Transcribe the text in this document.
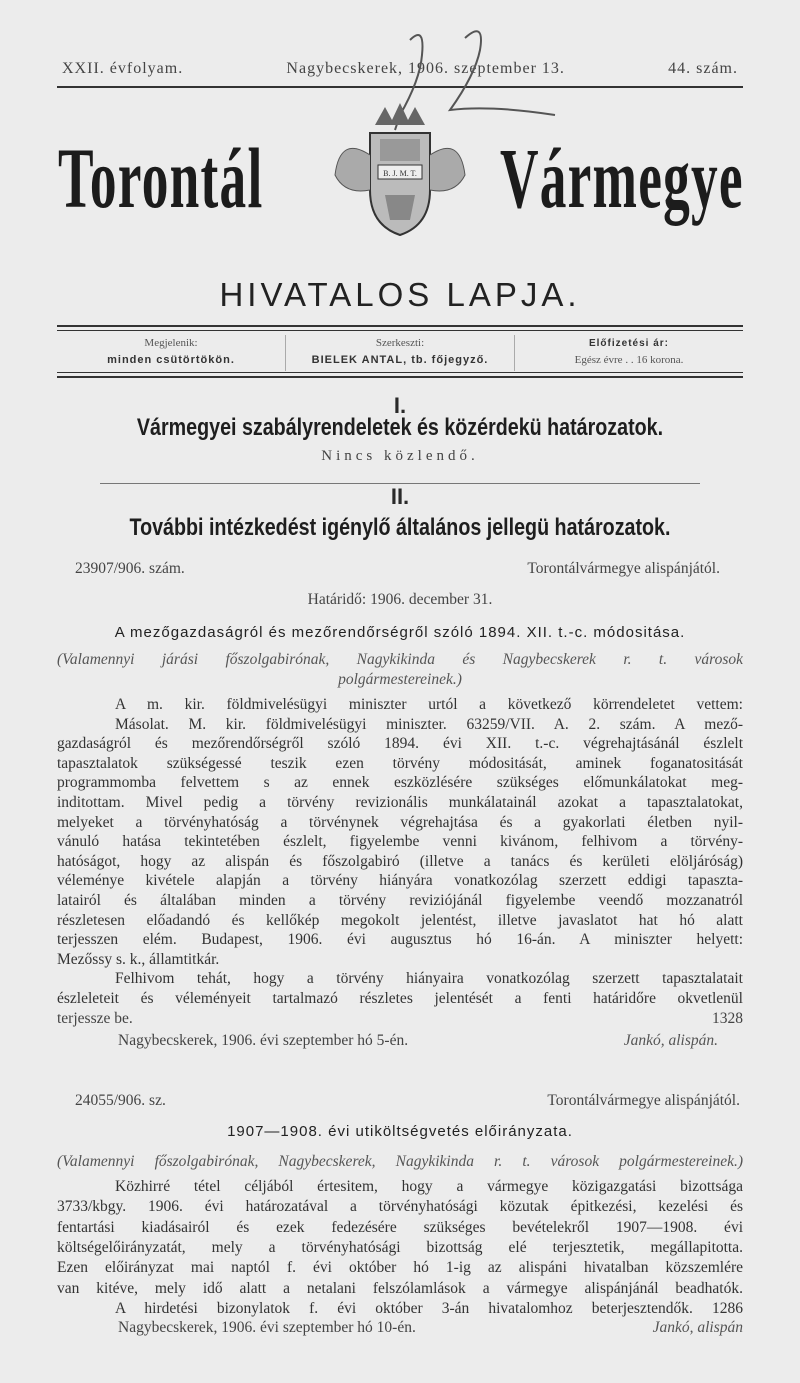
XXII. évfolyam.	Nagybecskerek, 1906. szeptember 13.	44. szám.
Torontál	Vármegye
B. J. M. T.
HIVATALOS LAPJA.
Megjelenik:
minden csütörtökön.
Szerkeszti:
BIELEK ANTAL, tb. főjegyző.
Előfizetési ár:
Egész évre . . 16 korona.
I.
Vármegyei szabályrendeletek és közérdekü határozatok.
Nincs közlendő.
II.
További intézkedést igénylő általános jellegü határozatok.
23907/906. szám.	Torontálvármegye alispánjától.
Határidő: 1906. december 31.
A mezőgazdaságról és mezőrendőrségről szóló 1894. XII. t.-c. módositása.
(Valamennyi járási főszolgabirónak, Nagykikinda és Nagybecskerek r. t. városok
polgármestereinek.)
A m. kir. földmivelésügyi miniszter urtól a következő körrendeletet vettem:
Másolat. M. kir. földmivelésügyi miniszter. 63259/VII. A. 2. szám. A mező-
gazdaságról és mezőrendőrségről szóló 1894. évi XII. t.-c. végrehajtásánál észlelt
tapasztalatok szükségessé teszik ezen törvény módositását, aminek foganatositását
programmomba felvettem s az ennek eszközlésére szükséges előmunkálatokat meg-
inditottam. Mivel pedig a törvény revizionális munkálatainál azokat a tapasztalatokat,
melyeket a törvényhatóság a törvénynek végrehajtása és a gyakorlati életben nyil-
vánuló hatása tekintetében észlelt, figyelembe venni kivánom, felhivom a törvény-
hatóságot, hogy az alispán és főszolgabiró (illetve a tanács és kerületi elöljáróság)
véleménye kivétele alapján a törvény hiányára vonatkozólag szerzett eddigi tapaszta-
latairól és általában minden a törvény reviziójánál figyelembe veendő mozzanatról
részletesen előadandó és kellőkép megokolt jelentést, illetve javaslatot hat hó alatt
terjesszen elém. Budapest, 1906. évi augusztus hó 16-án. A miniszter helyett:
Mezőssy s. k., államtitkár.
Felhivom tehát, hogy a törvény hiányaira vonatkozólag szerzett tapasztalatait
észleleteit és véleményeit tartalmazó részletes jelentését a fenti határidőre okvetlenül
terjessze be.	1328
Nagybecskerek, 1906. évi szeptember hó 5-én.	Jankó, alispán.
24055/906. sz.	Torontálvármegye alispánjától.
1907—1908. évi utiköltségvetés előirányzata.
(Valamennyi főszolgabirónak, Nagybecskerek, Nagykikinda r. t. városok polgármestereinek.)
Közhirré tétel céljából értesitem, hogy a vármegye közigazgatási bizottsága
3733/kbgy. 1906. évi határozatával a törvényhatósági közutak épitkezési, kezelési és
fentartási kiadásairól és ezek fedezésére szükséges bevételekről 1907—1908. évi
költségelőirányzatát, mely a törvényhatósági bizottság elé terjesztetik, megállapitotta.
Ezen előirányzat mai naptól f. évi október hó 1-ig az alispáni hivatalban közszemlére
van kitéve, mely idő alatt a netalani felszólamlások a vármegye alispánjánál beadhatók.
A hirdetési bizonylatok f. évi október 3-án hivatalomhoz beterjesztendők. 1286
Nagybecskerek, 1906. évi szeptember hó 10-én.	Jankó, alispán
